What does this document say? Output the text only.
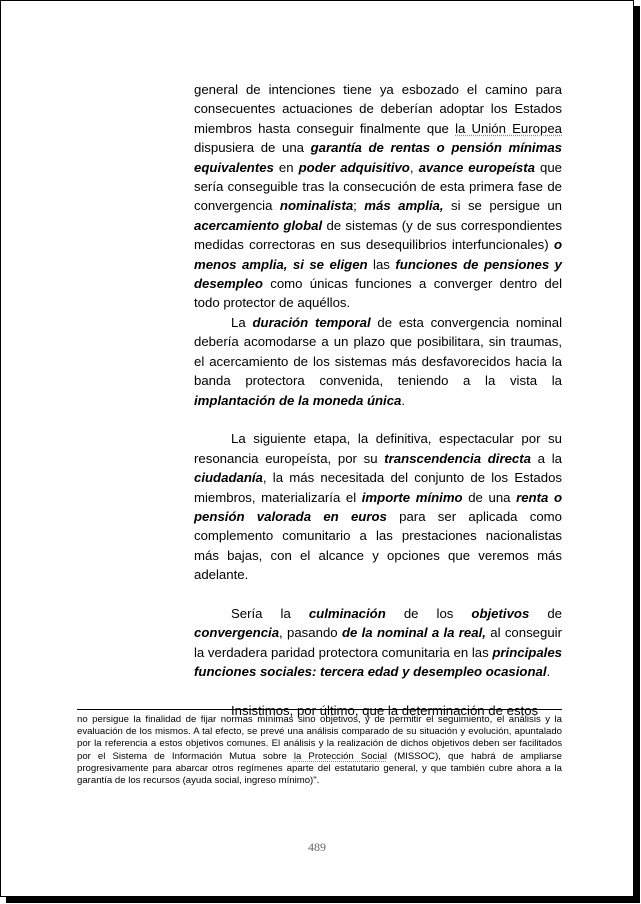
general de intenciones tiene ya esbozado el camino para consecuentes actuaciones de deberían adoptar los Estados miembros hasta conseguir finalmente que la Unión Europea dispusiera de una garantía de rentas o pensión mínimas equivalentes en poder adquisitivo, avance europeísta que sería conseguible tras la consecución de esta primera fase de convergencia nominalista; más amplia, si se persigue un acercamiento global de sistemas (y de sus correspondientes medidas correctoras en sus desequilibrios interfuncionales) o menos amplia, si se eligen las funciones de pensiones y desempleo como únicas funciones a converger dentro del todo protector de aquéllos.

La duración temporal de esta convergencia nominal debería acomodarse a un plazo que posibilitara, sin traumas, el acercamiento de los sistemas más desfavorecidos hacia la banda protectora convenida, teniendo a la vista la implantación de la moneda única.

La siguiente etapa, la definitiva, espectacular por su resonancia europeísta, por su transcendencia directa a la ciudadanía, la más necesitada del conjunto de los Estados miembros, materializaría el importe mínimo de una renta o pensión valorada en euros para ser aplicada como complemento comunitario a las prestaciones nacionalistas más bajas, con el alcance y opciones que veremos más adelante.

Sería la culminación de los objetivos de convergencia, pasando de la nominal a la real, al conseguir la verdadera paridad protectora comunitaria en las principales funciones sociales: tercera edad y desempleo ocasional.

Insistimos, por último, que la determinación de estos

no persigue la finalidad de fijar normas mínimas sino objetivos, y de permitir el seguimiento, el análisis y la evaluación de los mismos. A tal efecto, se prevé una análisis comparado de su situación y evolución, apuntalado por la referencia a estos objetivos comunes. El análisis y la realización de dichos objetivos deben ser facilitados por el Sistema de Información Mutua sobre la Protección Social (MISSOC), que habrá de ampliarse progresivamente para abarcar otros regímenes aparte del estatutario general, y que también cubre ahora a la garantía de los recursos (ayuda social, ingreso mínimo)".

489
